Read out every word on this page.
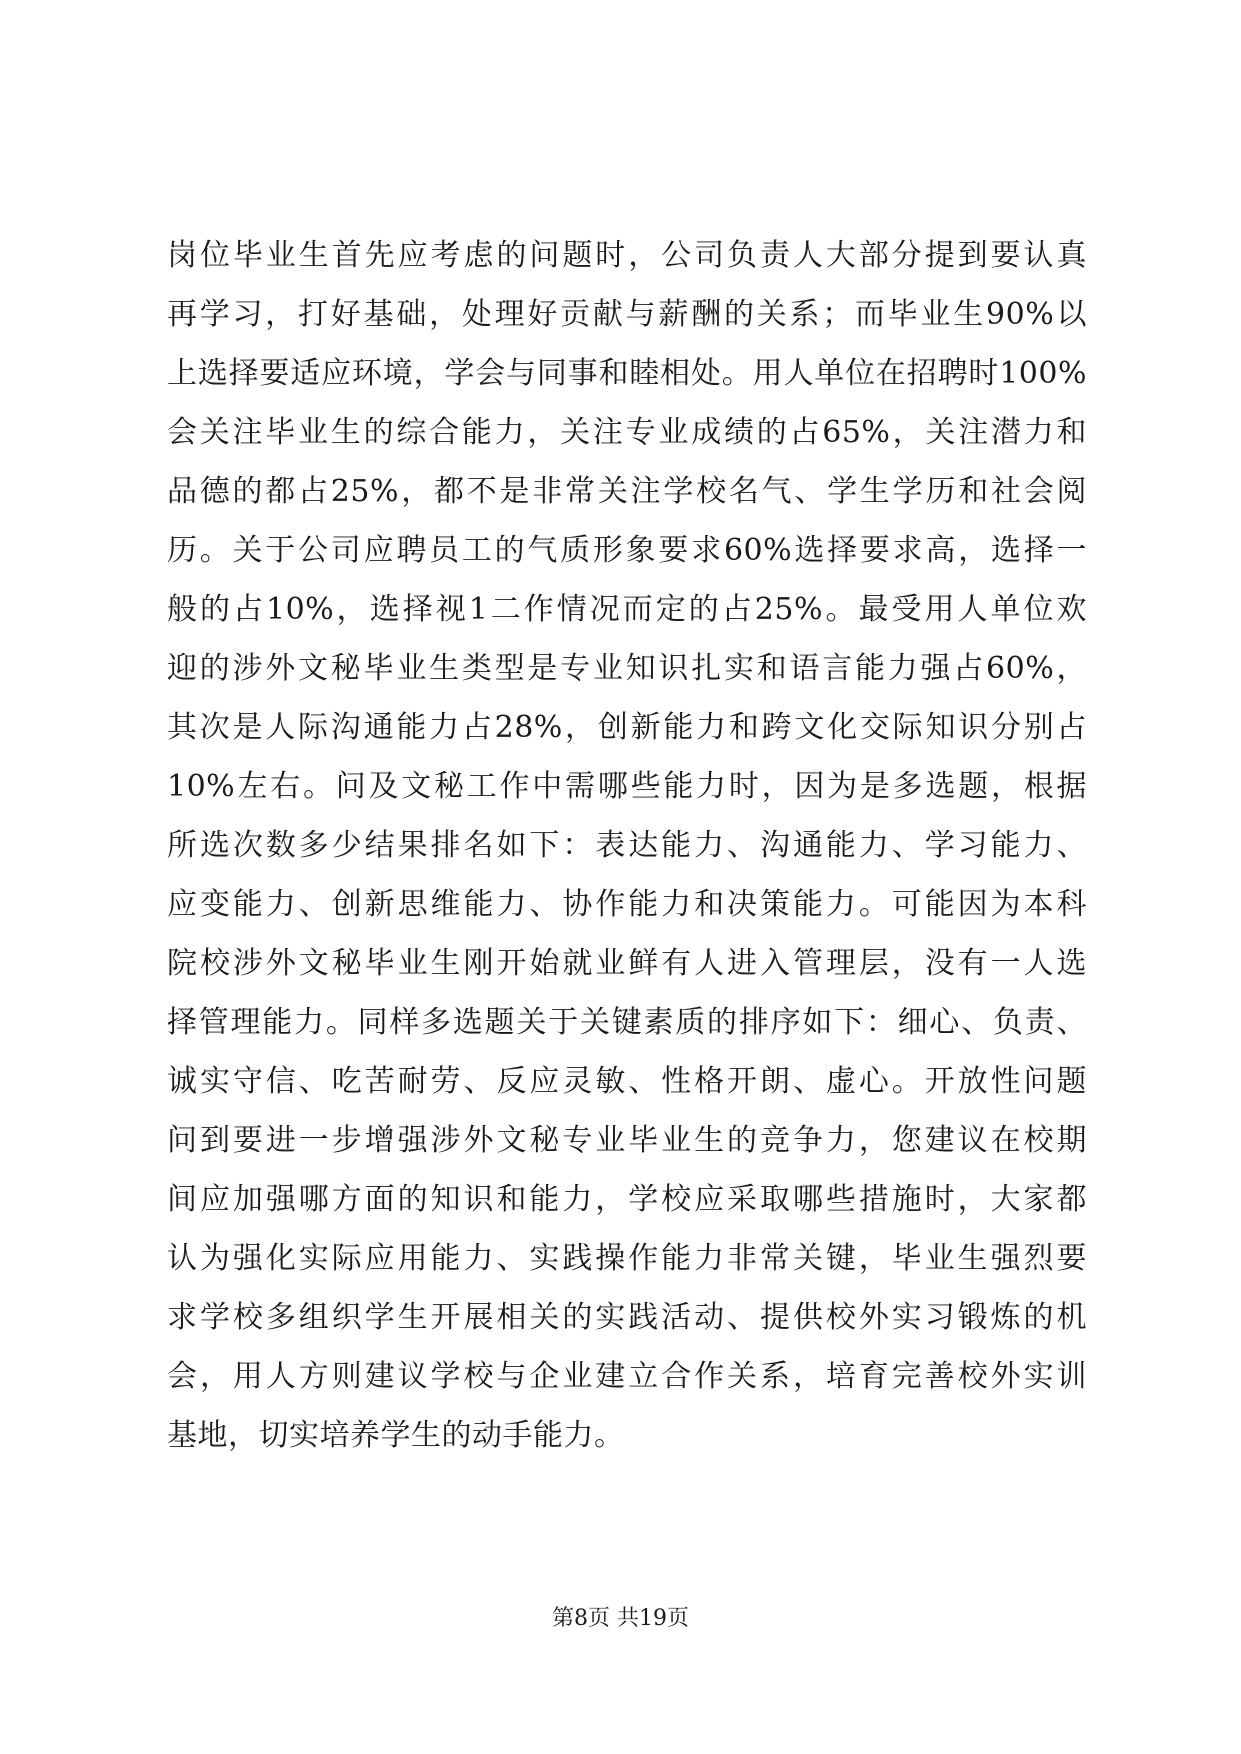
岗位毕业生首先应考虑的问题时，公司负责人大部分提到要认真
再学习，打好基础，处理好贡献与薪酬的关系；而毕业生90%以
上选择要适应环境，学会与同事和睦相处。用人单位在招聘时100%
会关注毕业生的综合能力，关注专业成绩的占65%，关注潜力和
品德的都占25%，都不是非常关注学校名气、学生学历和社会阅
历。关于公司应聘员工的气质形象要求60%选择要求高，选择一
般的占10%，选择视1二作情况而定的占25%。最受用人单位欢
迎的涉外文秘毕业生类型是专业知识扎实和语言能力强占60%，
其次是人际沟通能力占28%，创新能力和跨文化交际知识分别占
10%左右。问及文秘工作中需哪些能力时，因为是多选题，根据
所选次数多少结果排名如下：表达能力、沟通能力、学习能力、
应变能力、创新思维能力、协作能力和决策能力。可能因为本科
院校涉外文秘毕业生刚开始就业鲜有人进入管理层，没有一人选
择管理能力。同样多选题关于关键素质的排序如下：细心、负责、
诚实守信、吃苦耐劳、反应灵敏、性格开朗、虚心。开放性问题
问到要进一步增强涉外文秘专业毕业生的竞争力，您建议在校期
间应加强哪方面的知识和能力，学校应采取哪些措施时，大家都
认为强化实际应用能力、实践操作能力非常关键，毕业生强烈要
求学校多组织学生开展相关的实践活动、提供校外实习锻炼的机
会，用人方则建议学校与企业建立合作关系，培育完善校外实训
基地，切实培养学生的动手能力。
第8页 共19页
